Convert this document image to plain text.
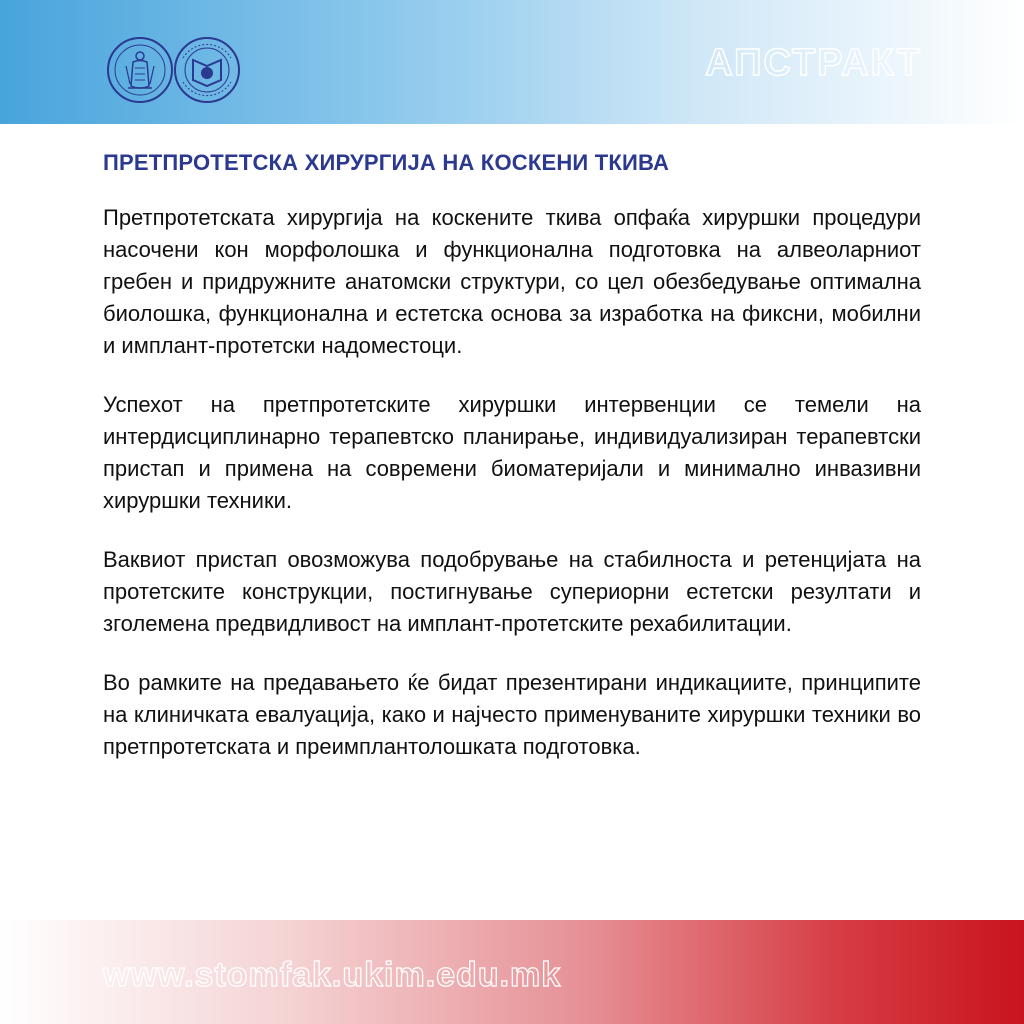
АПСТРАКТ
ПРЕТПРОТЕТСКА ХИРУРГИЈА НА КОСКЕНИ ТКИВА

Претпротетската хирургија на коскените ткива опфаќа хируршки процедури насочени кон морфолошка и функционална подготовка на алвеоларниот гребен и придружните анатомски структури, со цел обезбедување оптимална биолошка, функционална и естетска основа за изработка на фиксни, мобилни и имплант-протетски надоместоци.

Успехот на претпротетските хируршки интервенции се темели на интердисциплинарно терапевтско планирање, индивидуализиран терапевтски пристап и примена на современи биоматеријали и минимално инвазивни хируршки техники.

Ваквиот пристап овозможува подобрување на стабилноста и ретенцијата на протетските конструкции, постигнување супериорни естетски резултати и зголемена предвидливост на имплант-протетските рехабилитации.

Во рамките на предавањето ќе бидат презентирани индикациите, принципите на клиничката евалуација, како и најчесто применуваните хируршки техники во претпротетската и преимплантолошката подготовка.

www.stomfak.ukim.edu.mk
